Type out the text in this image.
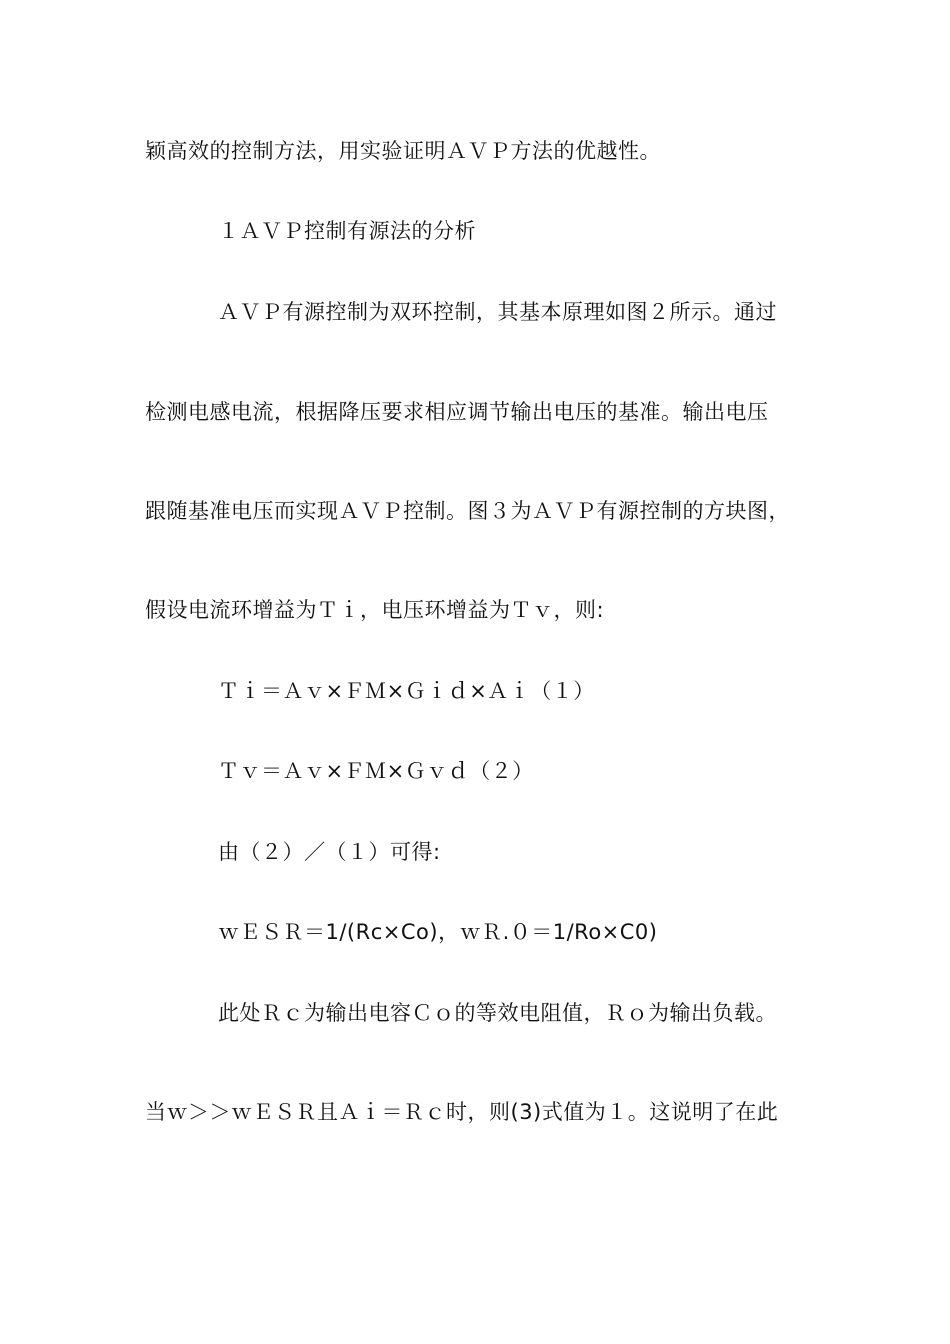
颖高效的控制方法，用实验证明ＡＶＰ方法的优越性。
１ＡＶＰ控制有源法的分析
ＡＶＰ有源控制为双环控制，其基本原理如图２所示。通过
检测电感电流，根据降压要求相应调节输出电压的基准。输出电压
跟随基准电压而实现ＡＶＰ控制。图３为ＡＶＰ有源控制的方块图，
假设电流环增益为Ｔｉ，电压环增益为Ｔｖ，则:
Ｔｉ＝Ａｖ×ＦＭ×Ｇｉｄ×Ａｉ（１）
Ｔｖ＝Ａｖ×ＦＭ×Ｇｖｄ（２）
由（２）／（１）可得:
ｗＥＳＲ＝1/(Rc×Co)，ｗＲ.０＝1/Ro×C0)
此处Ｒｃ为输出电容Ｃｏ的等效电阻值，Ｒｏ为输出负载。
当ｗ＞＞ｗＥＳＲ且Ａｉ＝Ｒｃ时，则(3)式值为１。这说明了在此
